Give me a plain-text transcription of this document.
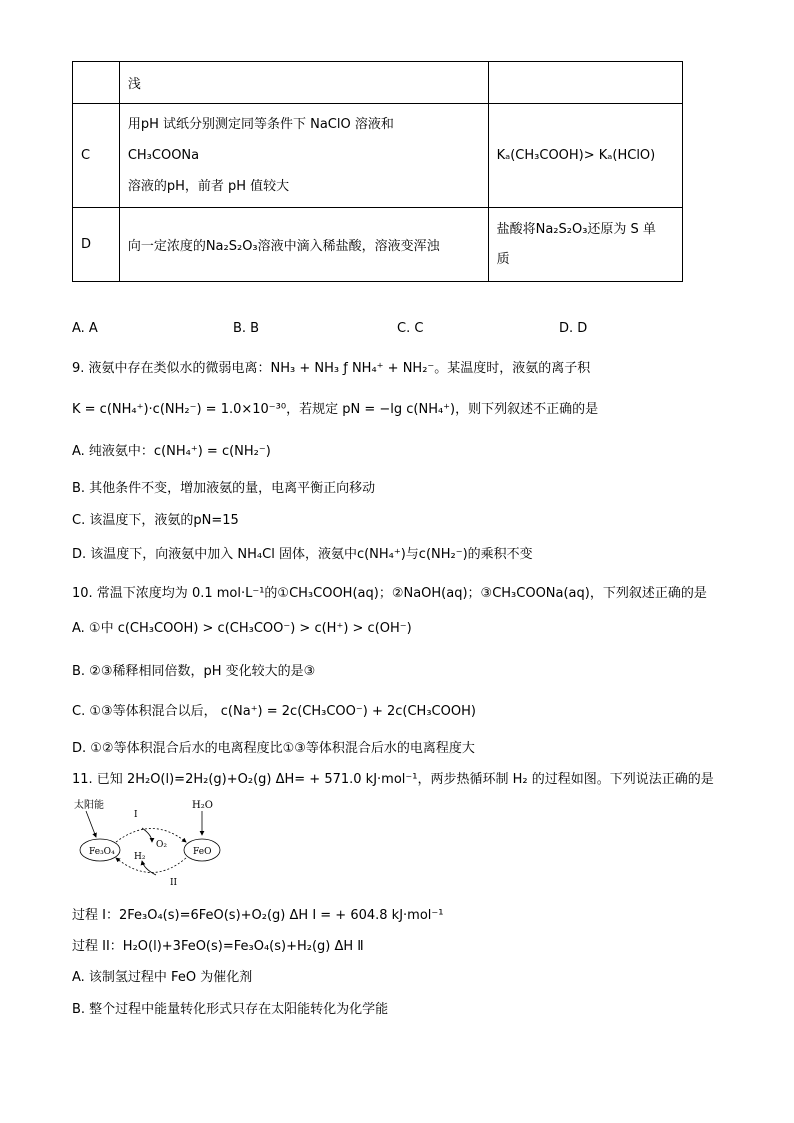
	浅	
C	用pH 试纸分别测定同等条件下 NaClO 溶液和
CH₃COONa
溶液的pH，前者 pH 值较大	Kₐ(CH₃COOH)> Kₐ(HClO)
D	向一定浓度的Na₂S₂O₃溶液中滴入稀盐酸，溶液变浑浊	盐酸将Na₂S₂O₃还原为 S 单
质
A. A	B. B	C. C	D. D
9. 液氨中存在类似水的微弱电离：NH₃ + NH₃ ƒ NH₄⁺ + NH₂⁻。某温度时，液氨的离子积
K = c(NH₄⁺)·c(NH₂⁻) = 1.0×10⁻³⁰，若规定 pN = −lg c(NH₄⁺)，则下列叙述不正确的是
A. 纯液氨中：c(NH₄⁺) = c(NH₂⁻)
B. 其他条件不变，增加液氨的量，电离平衡正向移动
C. 该温度下，液氨的pN=15
D. 该温度下，向液氨中加入 NH₄Cl 固体，液氨中c(NH₄⁺)与c(NH₂⁻)的乘积不变
10. 常温下浓度均为 0.1 mol·L⁻¹的①CH₃COOH(aq)；②NaOH(aq)；③CH₃COONa(aq)，下列叙述正确的是
A. ①中 c(CH₃COOH) > c(CH₃COO⁻) > c(H⁺) > c(OH⁻)
B. ②③稀释相同倍数，pH 变化较大的是③
C. ①③等体积混合以后， c(Na⁺) = 2c(CH₃COO⁻) + 2c(CH₃COOH)
D. ①②等体积混合后水的电离程度比①③等体积混合后水的电离程度大
11. 已知 2H₂O(l)=2H₂(g)+O₂(g) ΔH= + 571.0 kJ·mol⁻¹，两步热循环制 H₂ 的过程如图。下列说法正确的是
太阳能	H₂O
Fe₃O₄	FeO
I
O₂
II
H₂
过程 I：2Fe₃O₄(s)=6FeO(s)+O₂(g) ΔH Ⅰ = + 604.8 kJ·mol⁻¹
过程 II：H₂O(l)+3FeO(s)=Fe₃O₄(s)+H₂(g) ΔH Ⅱ
A. 该制氢过程中 FeO 为催化剂
B. 整个过程中能量转化形式只存在太阳能转化为化学能
